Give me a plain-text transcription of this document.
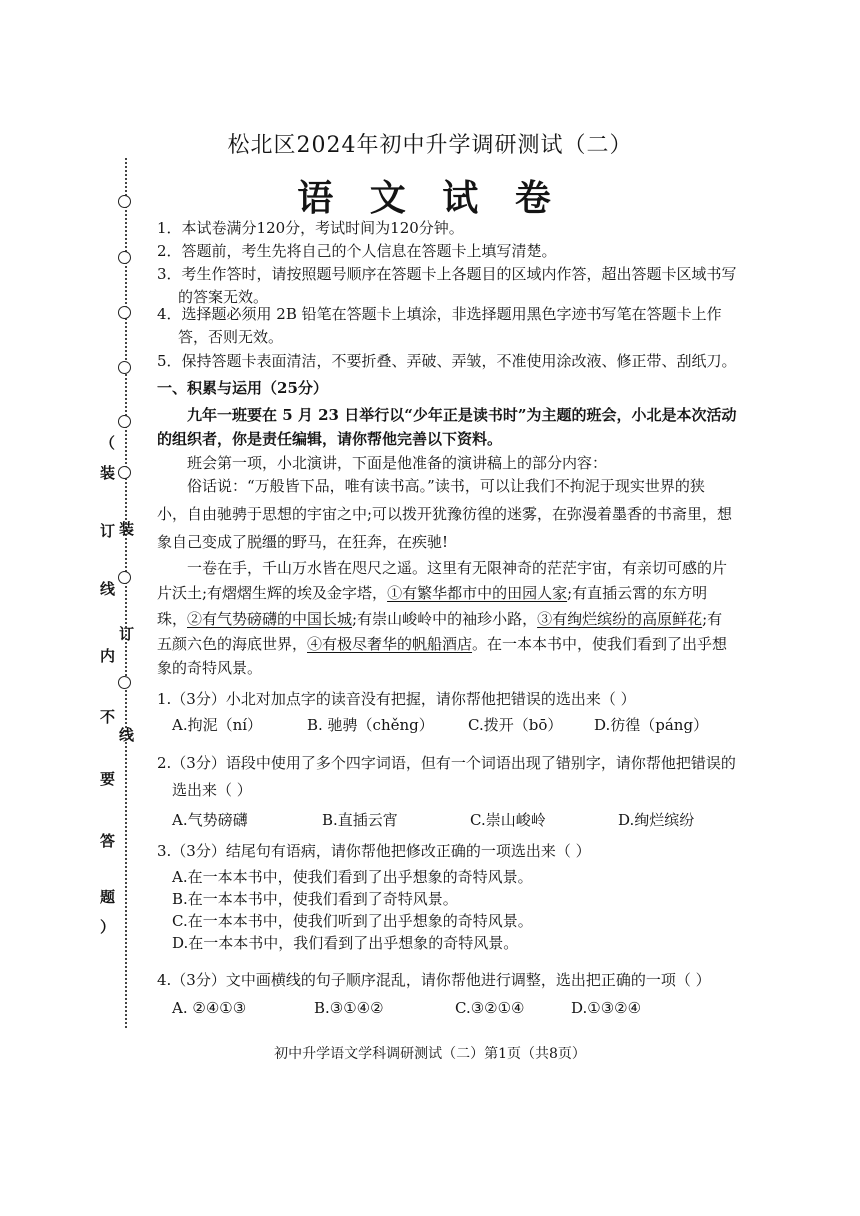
（
装
订
线
内
不
要
答
题
）
装
订
线
松北区2024年初中升学调研测试（二）
语 文 试 卷
1．本试卷满分120分，考试时间为120分钟。
2．答题前，考生先将自己的个人信息在答题卡上填写清楚。
3．考生作答时，请按照题号顺序在答题卡上各题目的区域内作答，超出答题卡区域书写
的答案无效。
4．选择题必须用 2B 铅笔在答题卡上填涂，非选择题用黑色字迹书写笔在答题卡上作
答，否则无效。
5．保持答题卡表面清洁，不要折叠、弄破、弄皱，不准使用涂改液、修正带、刮纸刀。
一、积累与运用（25分）
九年一班要在 5 月 23 日举行以“少年正是读书时”为主题的班会，小北是本次活动
的组织者，你是责任编辑，请你帮他完善以下资料。
班会第一项，小北演讲，下面是他准备的演讲稿上的部分内容：
俗话说：“万般皆下品，唯有读书高。”读书，可以让我们不拘泥于现实世界的狭
小，自由驰骋于思想的宇宙之中;可以拨开犹豫彷徨的迷雾，在弥漫着墨香的书斋里，想
象自己变成了脱缰的野马，在狂奔，在疾驰!
一卷在手，千山万水皆在咫尺之遥。这里有无限神奇的茫茫宇宙，有亲切可感的片
片沃土;有熠熠生辉的埃及金字塔，①有繁华都市中的田园人家;有直插云霄的东方明
珠，②有气势磅礴的中国长城;有崇山峻岭中的袖珍小路，③有绚烂缤纷的高原鲜花;有
五颜六色的海底世界，④有极尽奢华的帆船酒店。在一本本书中，使我们看到了出乎想
象的奇特风景。
1.（3分）小北对加点字的读音没有把握，请你帮他把错误的选出来（ ）
A.拘泥（ní）	B. 驰骋（chěng） C.拨开（bō） D.彷徨（páng）
2.（3分）语段中使用了多个四字词语，但有一个词语出现了错别字，请你帮他把错误的
选出来（ ）
A.气势磅礴	B.直插云宵	C.崇山峻岭	D.绚烂缤纷
3.（3分）结尾句有语病，请你帮他把修改正确的一项选出来（ ）
A.在一本本书中，使我们看到了出乎想象的奇特风景。
B.在一本本书中，使我们看到了奇特风景。
C.在一本本书中，使我们听到了出乎想象的奇特风景。
D.在一本本书中，我们看到了出乎想象的奇特风景。
4.（3分）文中画横线的句子顺序混乱，请你帮他进行调整，选出把正确的一项（ ）
A. ②④①③	B.③①④②	C.③②①④	D.①③②④
初中升学语文学科调研测试（二）第1页（共8页）
